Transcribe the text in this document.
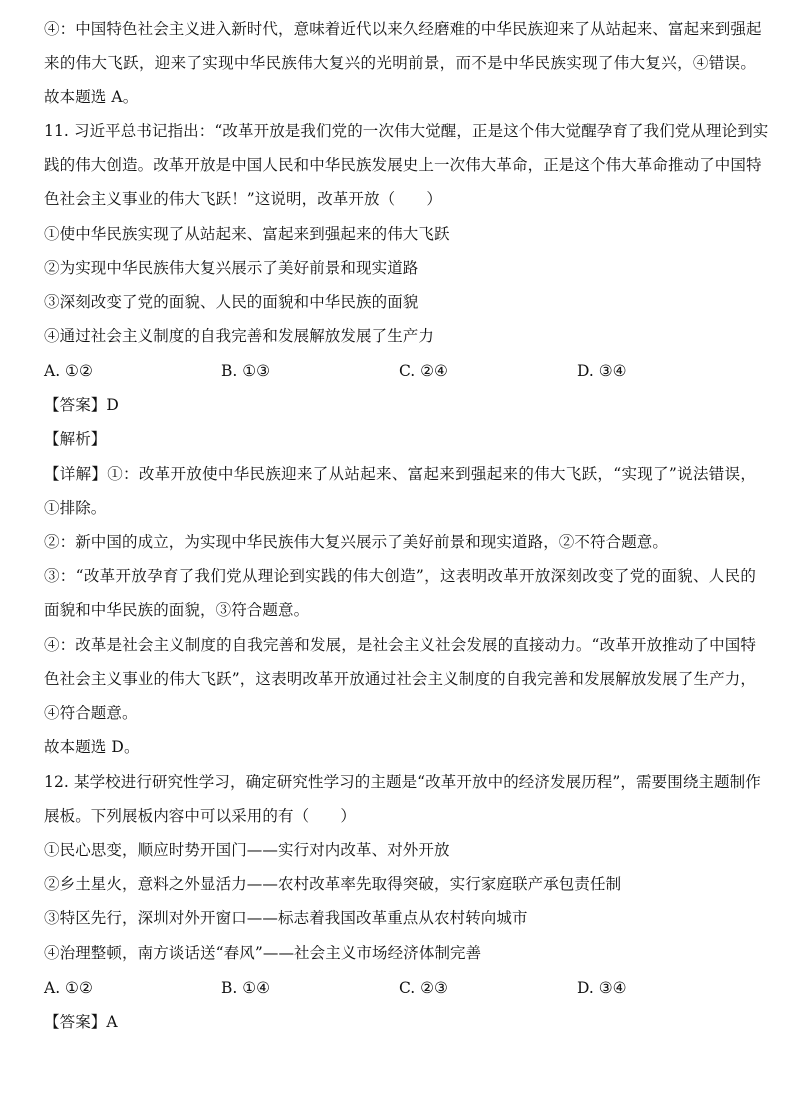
④：中国特色社会主义进入新时代，意味着近代以来久经磨难的中华民族迎来了从站起来、富起来到强起
来的伟大飞跃，迎来了实现中华民族伟大复兴的光明前景，而不是中华民族实现了伟大复兴，④错误。
故本题选 A。
11. 习近平总书记指出：“改革开放是我们党的一次伟大觉醒，正是这个伟大觉醒孕育了我们党从理论到实
践的伟大创造。改革开放是中国人民和中华民族发展史上一次伟大革命，正是这个伟大革命推动了中国特
色社会主义事业的伟大飞跃！”这说明，改革开放（　　）
①使中华民族实现了从站起来、富起来到强起来的伟大飞跃
②为实现中华民族伟大复兴展示了美好前景和现实道路
③深刻改变了党的面貌、人民的面貌和中华民族的面貌
④通过社会主义制度的自我完善和发展解放发展了生产力
A. ①②	B. ①③	C. ②④	D. ③④
【答案】D
【解析】
【详解】①：改革开放使中华民族迎来了从站起来、富起来到强起来的伟大飞跃，“实现了”说法错误，
①排除。
②：新中国的成立，为实现中华民族伟大复兴展示了美好前景和现实道路，②不符合题意。
③：“改革开放孕育了我们党从理论到实践的伟大创造”，这表明改革开放深刻改变了党的面貌、人民的
面貌和中华民族的面貌，③符合题意。
④：改革是社会主义制度的自我完善和发展，是社会主义社会发展的直接动力。“改革开放推动了中国特
色社会主义事业的伟大飞跃”，这表明改革开放通过社会主义制度的自我完善和发展解放发展了生产力，
④符合题意。
故本题选 D。
12. 某学校进行研究性学习，确定研究性学习的主题是“改革开放中的经济发展历程”，需要围绕主题制作
展板。下列展板内容中可以采用的有（　　）
①民心思变，顺应时势开国门——实行对内改革、对外开放
②乡土星火，意料之外显活力——农村改革率先取得突破，实行家庭联产承包责任制
③特区先行，深圳对外开窗口——标志着我国改革重点从农村转向城市
④治理整顿，南方谈话送“春风”——社会主义市场经济体制完善
A. ①②	B. ①④	C. ②③	D. ③④
【答案】A
